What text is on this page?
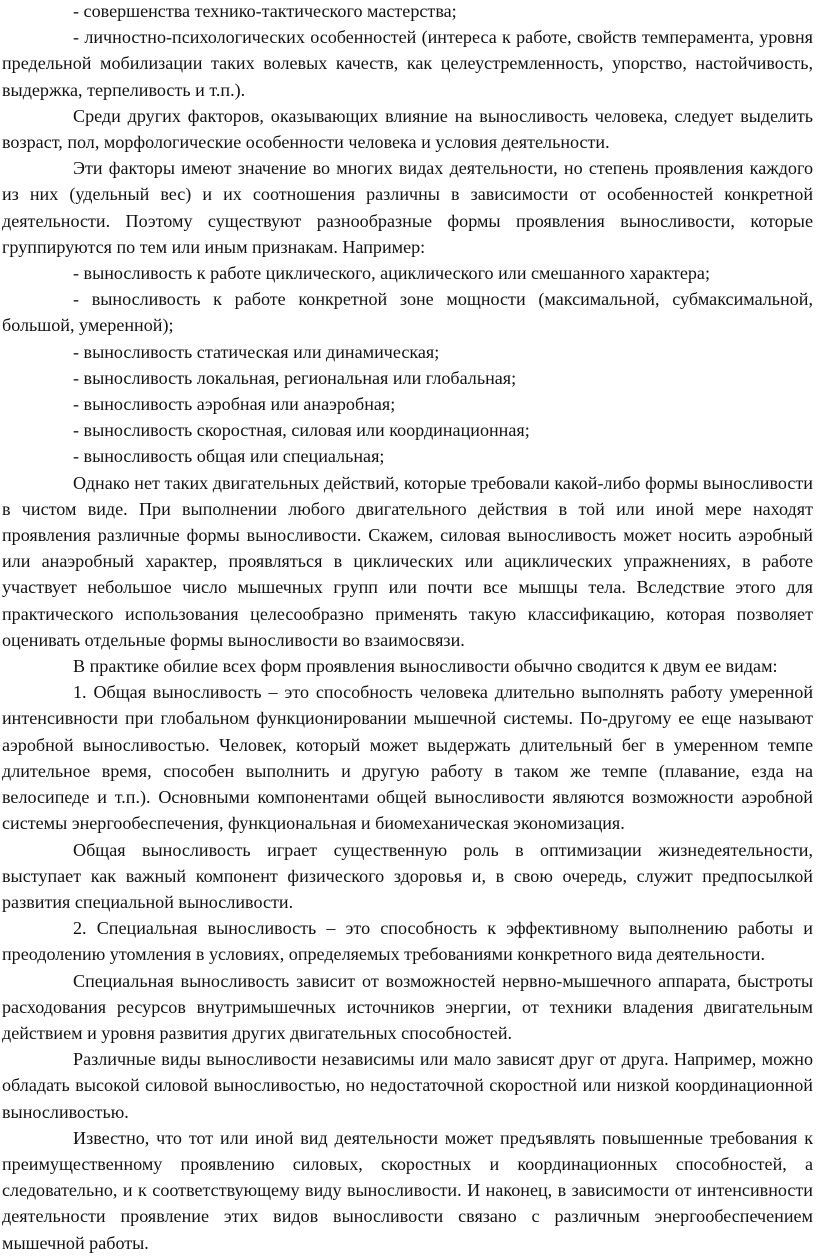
- совершенства технико-тактического мастерства;

- личностно-психологических особенностей (интереса к работе, свойств темперамента, уровня предельной мобилизации таких волевых качеств, как целеустремленность, упорство, настойчивость, выдержка, терпеливость и т.п.).

Среди других факторов, оказывающих влияние на выносливость человека, следует выделить возраст, пол, морфологические особенности человека и условия деятельности.

Эти факторы имеют значение во многих видах деятельности, но степень проявления каждого из них (удельный вес) и их соотношения различны в зависимости от особенностей конкретной деятельности. Поэтому существуют разнообразные формы проявления выносливости, которые группируются по тем или иным признакам. Например:

- выносливость к работе циклического, ациклического или смешанного характера;

- выносливость к работе конкретной зоне мощности (максимальной, субмаксимальной, большой, умеренной);

- выносливость статическая или динамическая;

- выносливость локальная, региональная или глобальная;

- выносливость аэробная или анаэробная;

- выносливость скоростная, силовая или координационная;

- выносливость общая или специальная;

Однако нет таких двигательных действий, которые требовали какой-либо формы выносливости в чистом виде. При выполнении любого двигательного действия в той или иной мере находят проявления различные формы выносливости. Скажем, силовая выносливость может носить аэробный или анаэробный характер, проявляться в циклических или ациклических упражнениях, в работе участвует небольшое число мышечных групп или почти все мышцы тела. Вследствие этого для практического использования целесообразно применять такую классификацию, которая позволяет оценивать отдельные формы выносливости во взаимосвязи.

В практике обилие всех форм проявления выносливости обычно сводится к двум ее видам:

1. Общая выносливость – это способность человека длительно выполнять работу умеренной интенсивности при глобальном функционировании мышечной системы. По-другому ее еще называют аэробной выносливостью. Человек, который может выдержать длительный бег в умеренном темпе длительное время, способен выполнить и другую работу в таком же темпе (плавание, езда на велосипеде и т.п.). Основными компонентами общей выносливости являются возможности аэробной системы энергообеспечения, функциональная и биомеханическая экономизация.

Общая выносливость играет существенную роль в оптимизации жизнедеятельности, выступает как важный компонент физического здоровья и, в свою очередь, служит предпосылкой развития специальной выносливости.

2. Специальная выносливость – это способность к эффективному выполнению работы и преодолению утомления в условиях, определяемых требованиями конкретного вида деятельности.

Специальная выносливость зависит от возможностей нервно-мышечного аппарата, быстроты расходования ресурсов внутримышечных источников энергии, от техники владения двигательным действием и уровня развития других двигательных способностей.

Различные виды выносливости независимы или мало зависят друг от друга. Например, можно обладать высокой силовой выносливостью, но недостаточной скоростной или низкой координационной выносливостью.

Известно, что тот или иной вид деятельности может предъявлять повышенные требования к преимущественному проявлению силовых, скоростных и координационных способностей, а следовательно, и к соответствующему виду выносливости. И наконец, в зависимости от интенсивности деятельности проявление этих видов выносливости связано с различным энергообеспечением мышечной работы.
